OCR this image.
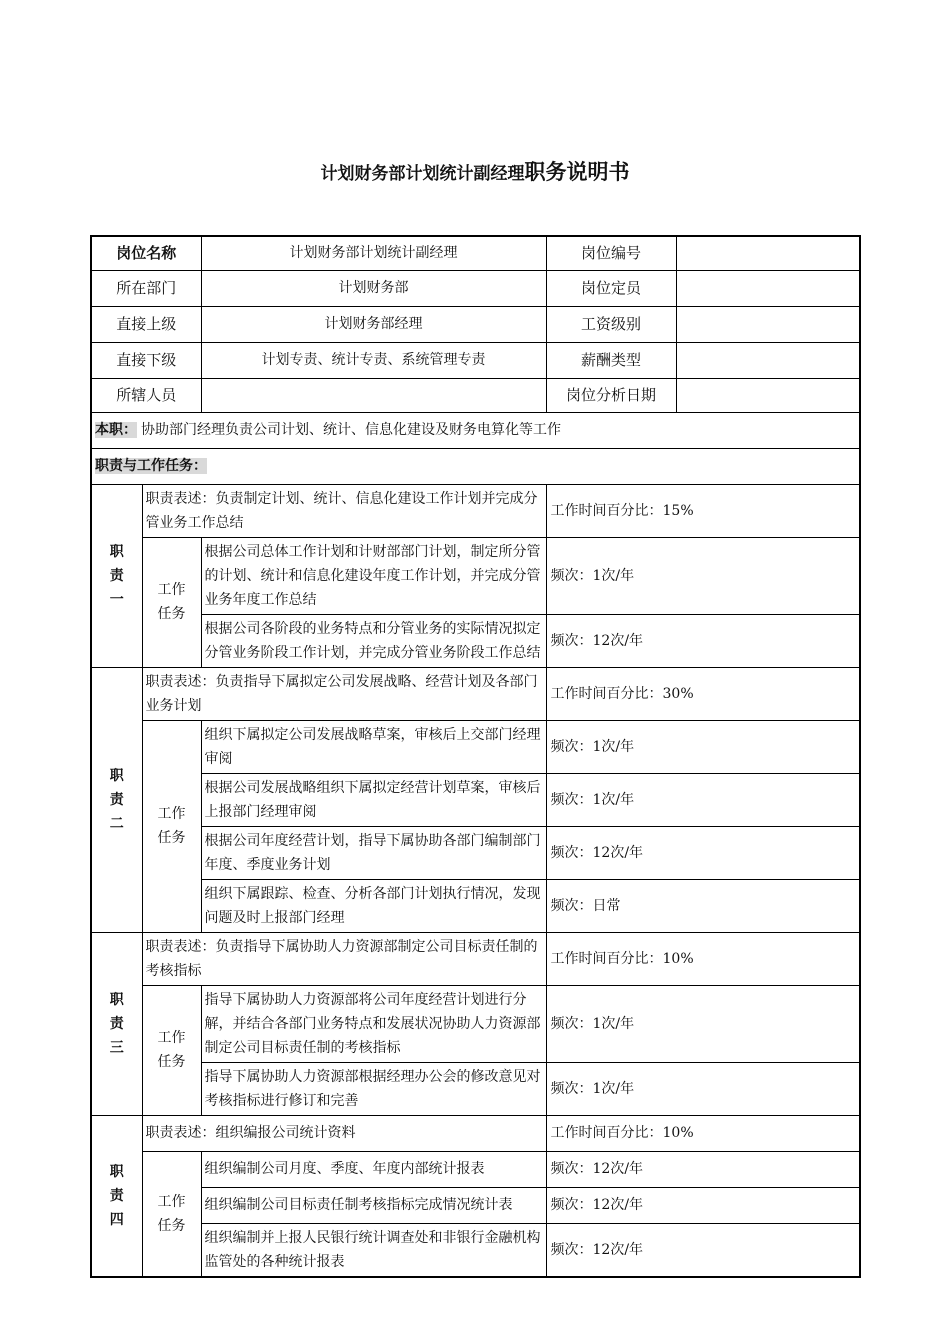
计划财务部计划统计副经理职务说明书
岗位名称		计划财务部计划统计副经理	岗位编号	
所在部门		计划财务部	岗位定员	
直接上级		计划财务部经理	工资级别	
直接下级		计划专责、统计专责、系统管理专责	薪酬类型	
所辖人员			岗位分析日期	
本职： 协助部门经理负责公司计划、统计、信息化建设及财务电算化等工作				
职责与工作任务：				
职责一	职责表述：负责制定计划、统计、信息化建设工作计划并完成分管业务工作总结		工作时间百分比：15%	
	工作任务	根据公司总体工作计划和计财部部门计划，制定所分管的计划、统计和信息化建设年度工作计划，并完成分管业务年度工作总结	频次：1次/年	
		根据公司各阶段的业务特点和分管业务的实际情况拟定分管业务阶段工作计划，并完成分管业务阶段工作总结	频次：12次/年	
职责二	职责表述：负责指导下属拟定公司发展战略、经营计划及各部门业务计划		工作时间百分比：30%	
	工作任务	组织下属拟定公司发展战略草案，审核后上交部门经理审阅	频次：1次/年	
		根据公司发展战略组织下属拟定经营计划草案，审核后上报部门经理审阅	频次：1次/年	
		根据公司年度经营计划，指导下属协助各部门编制部门年度、季度业务计划	频次：12次/年	
		组织下属跟踪、检查、分析各部门计划执行情况，发现问题及时上报部门经理	频次：日常	
职责三	职责表述：负责指导下属协助人力资源部制定公司目标责任制的考核指标		工作时间百分比：10%	
	工作任务	指导下属协助人力资源部将公司年度经营计划进行分解，并结合各部门业务特点和发展状况协助人力资源部制定公司目标责任制的考核指标	频次：1次/年	
		指导下属协助人力资源部根据经理办公会的修改意见对考核指标进行修订和完善	频次：1次/年	
职责四	职责表述：组织编报公司统计资料		工作时间百分比：10%	
	工作任务	组织编制公司月度、季度、年度内部统计报表	频次：12次/年	
		组织编制公司目标责任制考核指标完成情况统计表	频次：12次/年	
		组织编制并上报人民银行统计调查处和非银行金融机构监管处的各种统计报表	频次：12次/年	
